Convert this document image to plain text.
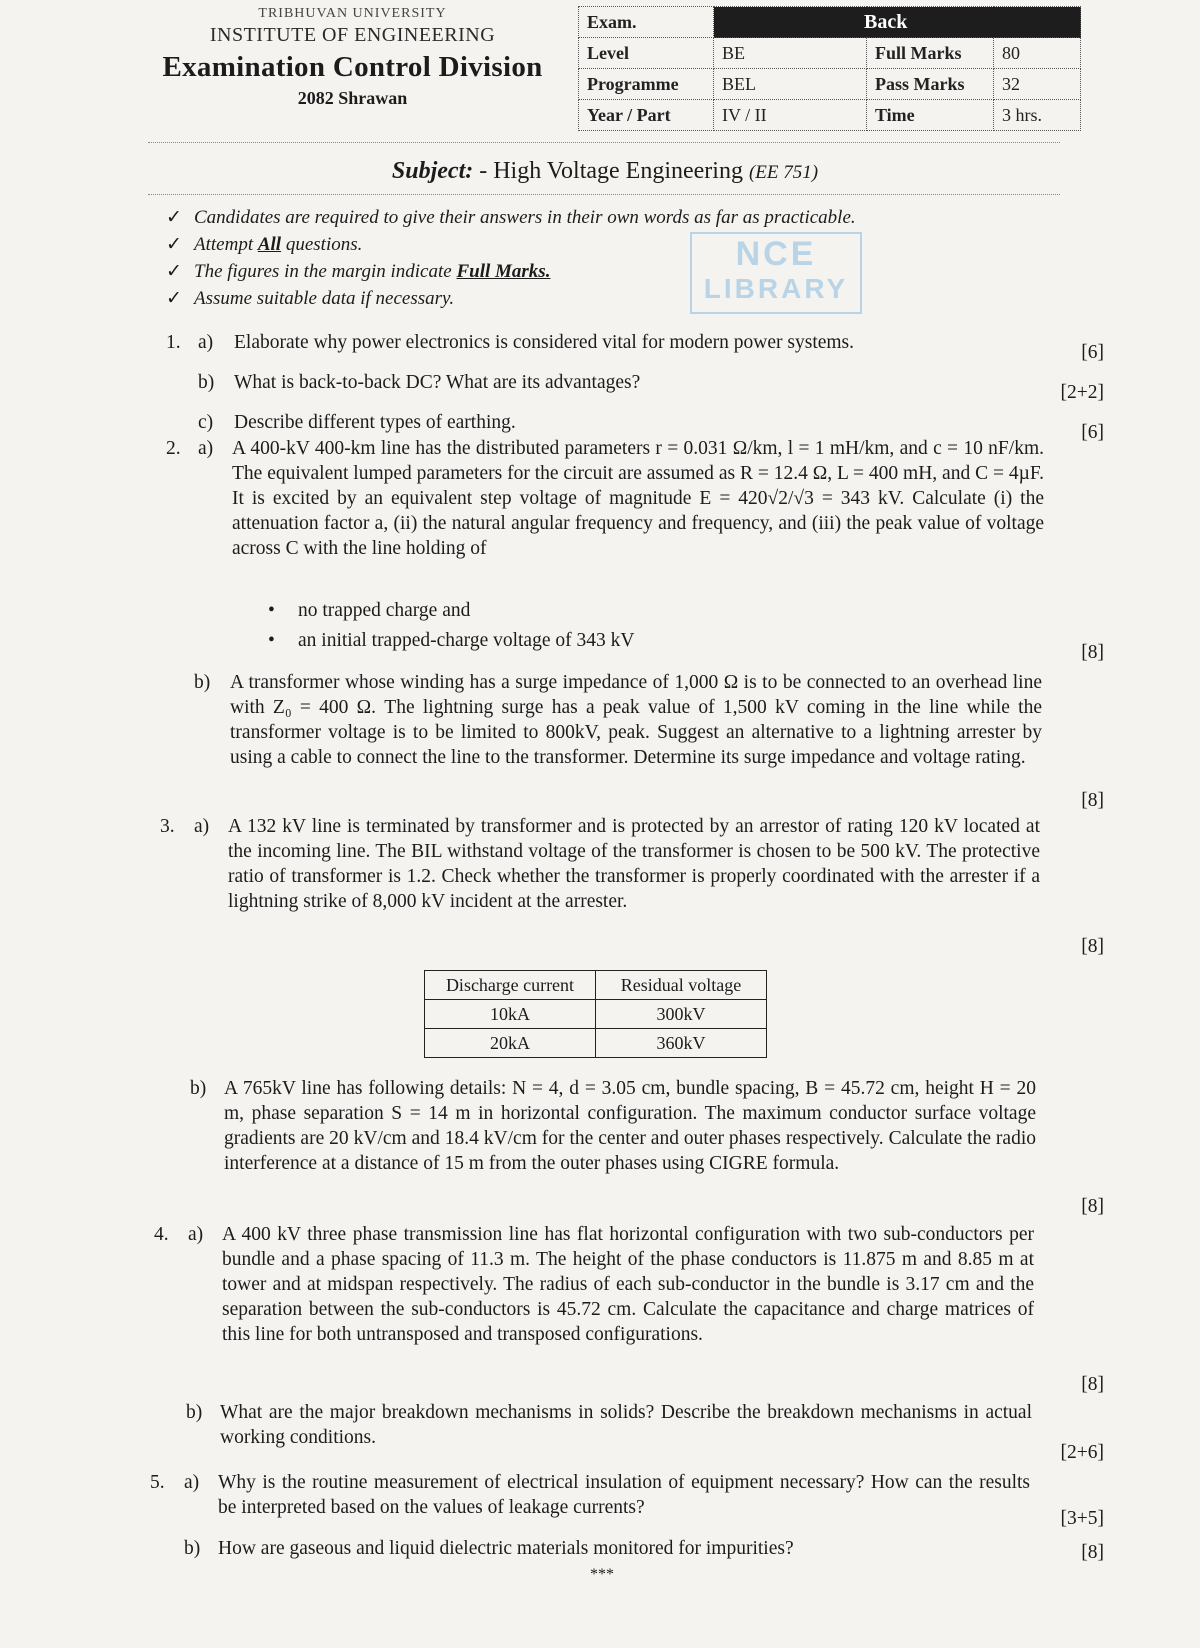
TRIBHUVAN UNIVERSITY
INSTITUTE OF ENGINEERING
Examination Control Division
2082 Shrawan
Exam.	Back		
Level	BE	Full Marks	80
Programme	BEL	Pass Marks	32
Year / Part	IV / II	Time	3 hrs.
Subject: - High Voltage Engineering (EE 751)
✓ Candidates are required to give their answers in their own words as far as practicable.
✓ Attempt All questions.
✓ The figures in the margin indicate Full Marks.
✓ Assume suitable data if necessary.
NCE
LIBRARY
1. a) Elaborate why power electronics is considered vital for modern power systems.	[6]
b) What is back-to-back DC? What are its advantages?	[2+2]
c) Describe different types of earthing.	[6]
2. a) A 400-kV 400-km line has the distributed parameters r = 0.031 Ω/km, l = 1 mH/km, and c = 10 nF/km. The equivalent lumped parameters for the circuit are assumed as R = 12.4 Ω, L = 400 mH, and C = 4µF. It is excited by an equivalent step voltage of magnitude E = 420√2/√3 = 343 kV. Calculate (i) the attenuation factor a, (ii) the natural angular frequency and frequency, and (iii) the peak value of voltage across C with the line holding of
• no trapped charge and
• an initial trapped-charge voltage of 343 kV
[8]
b) A transformer whose winding has a surge impedance of 1,000 Ω is to be connected to an overhead line with Z₀ = 400 Ω. The lightning surge has a peak value of 1,500 kV coming in the line while the transformer voltage is to be limited to 800kV, peak. Suggest an alternative to a lightning arrester by using a cable to connect the line to the transformer. Determine its surge impedance and voltage rating.
[8]
3. a) A 132 kV line is terminated by transformer and is protected by an arrestor of rating 120 kV located at the incoming line. The BIL withstand voltage of the transformer is chosen to be 500 kV. The protective ratio of transformer is 1.2. Check whether the transformer is properly coordinated with the arrester if a lightning strike of 8,000 kV incident at the arrester.
[8]
Discharge current	Residual voltage
10kA	300kV
20kA	360kV
b) A 765kV line has following details: N = 4, d = 3.05 cm, bundle spacing, B = 45.72 cm, height H = 20 m, phase separation S = 14 m in horizontal configuration. The maximum conductor surface voltage gradients are 20 kV/cm and 18.4 kV/cm for the center and outer phases respectively. Calculate the radio interference at a distance of 15 m from the outer phases using CIGRE formula.
[8]
4. a) A 400 kV three phase transmission line has flat horizontal configuration with two sub-conductors per bundle and a phase spacing of 11.3 m. The height of the phase conductors is 11.875 m and 8.85 m at tower and at midspan respectively. The radius of each sub-conductor in the bundle is 3.17 cm and the separation between the sub-conductors is 45.72 cm. Calculate the capacitance and charge matrices of this line for both untransposed and transposed configurations.
[8]
b) What are the major breakdown mechanisms in solids? Describe the breakdown mechanisms in actual working conditions.
[2+6]
5. a) Why is the routine measurement of electrical insulation of equipment necessary? How can the results be interpreted based on the values of leakage currents?
[3+5]
b) How are gaseous and liquid dielectric materials monitored for impurities?	[8]
***
